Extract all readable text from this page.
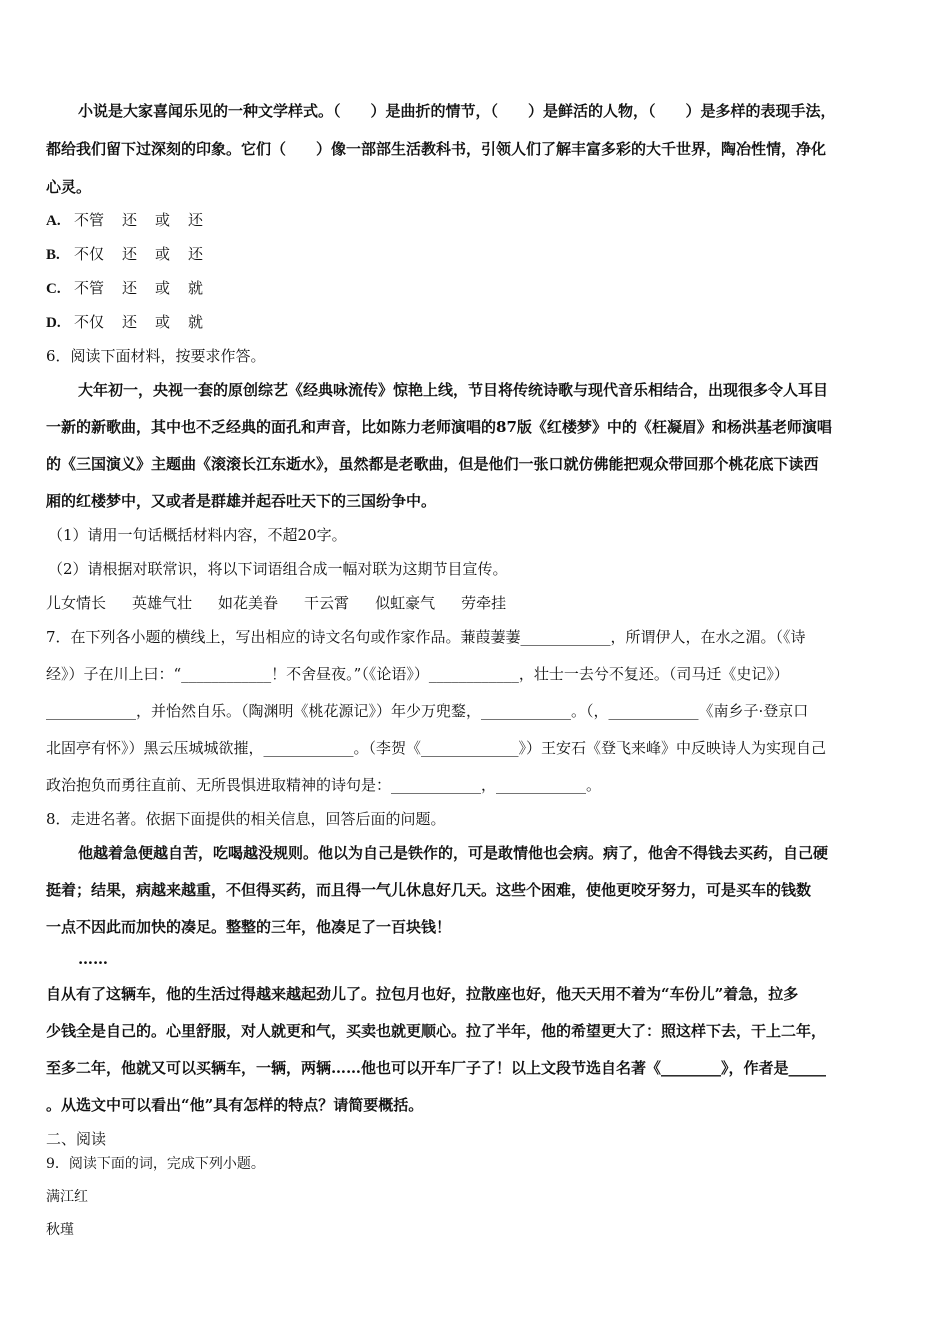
小说是大家喜闻乐见的一种文学样式。（　　）是曲折的情节，（　　）是鲜活的人物，（　　）是多样的表现手法，
都给我们留下过深刻的印象。它们（　　）像一部部生活教科书，引领人们了解丰富多彩的大千世界，陶冶性情，净化
心灵。
A. 不管 还 或 还
B. 不仅 还 或 还
C. 不管 还 或 就
D. 不仅 还 或 就
6．阅读下面材料，按要求作答。
大年初一，央视一套的原创综艺《经典咏流传》惊艳上线，节目将传统诗歌与现代音乐相结合，出现很多令人耳目
一新的新歌曲，其中也不乏经典的面孔和声音，比如陈力老师演唱的87版《红楼梦》中的《枉凝眉》和杨洪基老师演唱
的《三国演义》主题曲《滚滚长江东逝水》，虽然都是老歌曲，但是他们一张口就仿佛能把观众带回那个桃花底下读西
厢的红楼梦中，又或者是群雄并起吞吐天下的三国纷争中。
（1）请用一句话概括材料内容，不超20字。
（2）请根据对联常识，将以下词语组合成一幅对联为这期节目宣传。
儿女情长 英雄气壮 如花美眷 干云霄 似虹豪气 劳牵挂
7．在下列各小题的横线上，写出相应的诗文名句或作家作品。蒹葭萋萋____________，所谓伊人，在水之湄。（《诗
经》）子在川上曰：“____________！不舍昼夜。”（《论语》）____________，壮士一去兮不复还。（司马迁《史记》）
____________，并怡然自乐。（陶渊明《桃花源记》）年少万兜鍪，____________。（，____________《南乡子·登京口
北固亭有怀》）黑云压城城欲摧，____________。（李贺《_____________》）王安石《登飞来峰》中反映诗人为实现自己
政治抱负而勇往直前、无所畏惧进取精神的诗句是：____________，____________。
8．走进名著。依据下面提供的相关信息，回答后面的问题。
他越着急便越自苦，吃喝越没规则。他以为自己是铁作的，可是敢情他也会病。病了，他舍不得钱去买药，自己硬
挺着；结果，病越来越重，不但得买药，而且得一气儿休息好几天。这些个困难，使他更咬牙努力，可是买车的钱数
一点不因此而加快的凑足。整整的三年，他凑足了一百块钱！
……
自从有了这辆车，他的生活过得越来越起劲儿了。拉包月也好，拉散座也好，他天天用不着为“车份儿”着急，拉多
少钱全是自己的。心里舒服，对人就更和气，买卖也就更顺心。拉了半年，他的希望更大了：照这样下去，干上二年，
至多二年，他就又可以买辆车，一辆，两辆……他也可以开车厂子了！以上文段节选自名著《________》，作者是_____
。从选文中可以看出“他”具有怎样的特点？请简要概括。
二、阅读
9．阅读下面的词，完成下列小题。
满江红
秋瑾
